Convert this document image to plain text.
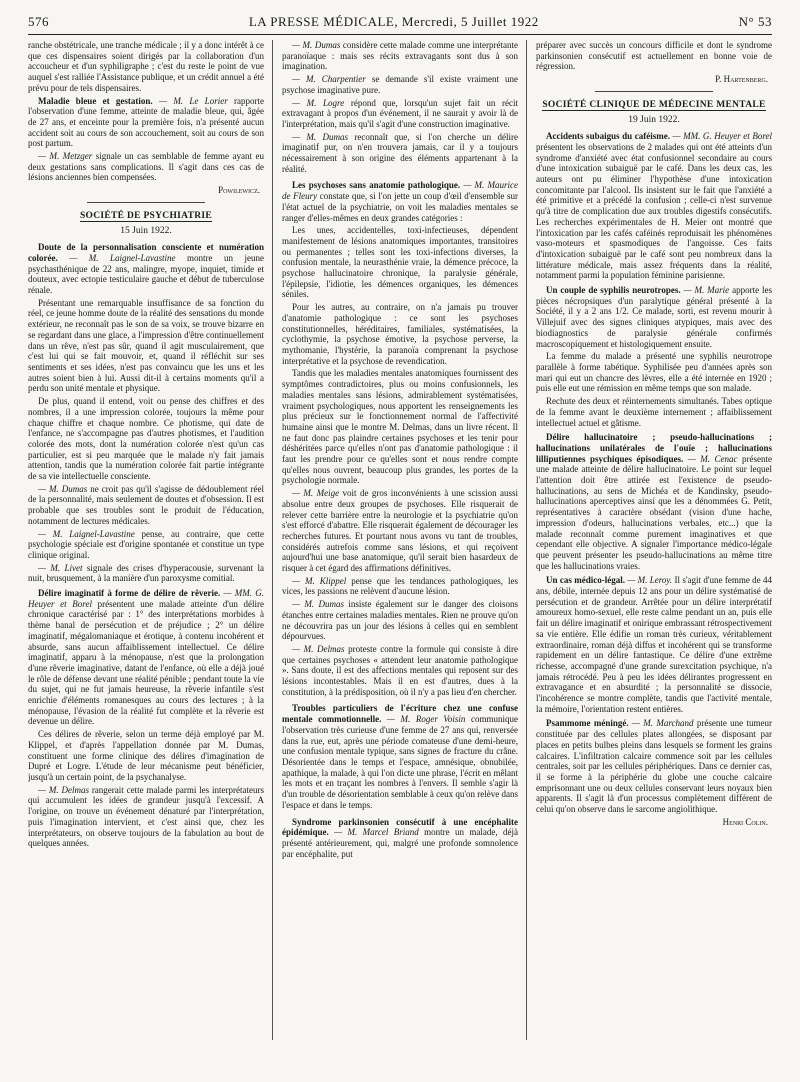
576	LA PRESSE MÉDICALE, Mercredi, 5 Juillet 1922	N° 53

ranche obstétricale, une tranche médicale ; il y a donc intérêt à ce que ces dispensaires soient dirigés par la collaboration d'un accoucheur et d'un syphiligraphe ; c'est du reste le point de vue auquel s'est ralliée l'Assistance publique, et un crédit annuel a été prévu pour de tels dispensaires.

Maladie bleue et gestation. — M. Le Lorier rapporte l'observation d'une femme, atteinte de maladie bleue, qui, âgée de 27 ans, et enceinte pour la première fois, n'a présenté aucun accident soit au cours de son accouchement, soit au cours de son post partum.

— M. Metzger signale un cas semblable de femme ayant eu deux gestations sans complications. Il s'agit dans ces cas de lésions anciennes bien compensées.

Powilewicz.

SOCIÉTÉ DE PSYCHIATRIE
15 Juin 1922.

Doute de la personnalisation consciente et numération colorée. — M. Laignel-Lavastine montre un jeune psychasthénique de 22 ans, malingre, myope, inquiet, timide et douteux, avec ectopie testiculaire gauche et début de tuberculose rénale.

Présentant une remarquable insuffisance de sa fonction du réel, ce jeune homme doute de la réalité des sensations du monde extérieur, ne reconnaît pas le son de sa voix, se trouve bizarre en se regardant dans une glace, a l'impression d'être continuellement dans un rêve, n'est pas sûr, quand il agit musculairement, que c'est lui qui se fait mouvoir, et, quand il réfléchit sur ses sentiments et ses idées, n'est pas convaincu que les uns et les autres soient bien à lui. Aussi dit-il à certains moments qu'il a perdu son unité mentale et physique.

De plus, quand il entend, voit ou pense des chiffres et des nombres, il a une impression colorée, toujours la même pour chaque chiffre et chaque nombre. Ce photisme, qui date de l'enfance, ne s'accompagne pas d'autres photismes, et l'audition colorée des mots, dont la numération colorée n'est qu'un cas particulier, est si peu marquée que le malade n'y fait jamais attention, tandis que la numération colorée fait partie intégrante de sa vie intellectuelle consciente.

— M. Dumas ne croit pas qu'il s'agisse de dédoublement réel de la personnalité, mais seulement de doutes et d'obsession. Il est probable que ses troubles sont le produit de l'éducation, notamment de lectures médicales.

— M. Laignel-Lavastine pense, au contraire, que cette psychologie spéciale est d'origine spontanée et constitue un type clinique original.

— M. Livet signale des crises d'hyperacousie, survenant la nuit, brusquement, à la manière d'un paroxysme comitial.

Délire imaginatif à forme de délire de rêverie. — MM. G. Heuyer et Borel présentent une malade atteinte d'un délire chronique caractérisé par : 1° des interprétations morbides à thème banal de persécution et de préjudice ; 2° un délire imaginatif, mégalomaniaque et érotique, à contenu incohérent et absurde, sans aucun affaiblissement intellectuel. Ce délire imaginatif, apparu à la ménopause, n'est que la prolongation d'une rêverie imaginative, datant de l'enfance, où elle a déjà joué le rôle de défense devant une réalité pénible ; pendant toute la vie du sujet, qui ne fut jamais heureuse, la rêverie infantile s'est enrichie d'éléments romanesques au cours des lectures ; à la ménopause, l'évasion de la réalité fut complète et la rêverie est devenue un délire.

Ces délires de rêverie, selon un terme déjà employé par M. Klippel, et d'après l'appellation donnée par M. Dumas, constituent une forme clinique des délires d'imagination de Dupré et Logre. L'étude de leur mécanisme peut bénéficier, jusqu'à un certain point, de la psychanalyse.

— M. Delmas rangerait cette malade parmi les interprétateurs qui accumulent les idées de grandeur jusqu'à l'excessif. A l'origine, on trouve un événement dénaturé par l'interprétation, puis l'imagination intervient, et c'est ainsi que, chez les interprétateurs, on observe toujours de la fabulation au bout de quelques années.

— M. Dumas considère cette malade comme une interprétante paranoïaque : mais ses récits extravagants sont dus à son imagination.

— M. Charpentier se demande s'il existe vraiment une psychose imaginative pure.

— M. Logre répond que, lorsqu'un sujet fait un récit extravagant à propos d'un événement, il ne saurait y avoir là de l'interprétation, mais qu'il s'agit d'une construction imaginative.

— M. Dumas reconnaît que, si l'on cherche un délire imaginatif pur, on n'en trouvera jamais, car il y a toujours nécessairement à son origine des éléments appartenant à la réalité.

Les psychoses sans anatomie pathologique. — M. Maurice de Fleury constate que, si l'on jette un coup d'œil d'ensemble sur l'état actuel de la psychiatrie, on voit les maladies mentales se ranger d'elles-mêmes en deux grandes catégories :

Les unes, accidentelles, toxi-infectieuses, dépendent manifestement de lésions anatomiques importantes, transitoires ou permanentes ; telles sont les toxi-infections diverses, la confusion mentale, la neurasthénie vraie, la démence précoce, la psychose hallucinatoire chronique, la paralysie générale, l'épilepsie, l'idiotie, les démences organiques, les démences séniles.

Pour les autres, au contraire, on n'a jamais pu trouver d'anatomie pathologique : ce sont les psychoses constitutionnelles, héréditaires, familiales, systématisées, la cyclothymie, la psychose émotive, la psychose perverse, la mythomanie, l'hystérie, la paranoïa comprenant la psychose interprétative et la psychose de revendication.

Tandis que les maladies mentales anatomiques fournissent des symptômes contradictoires, plus ou moins confusionnels, les maladies mentales sans lésions, admirablement systématisées, vraiment psychologiques, nous apportent les renseignements les plus précieux sur le fonctionnement normal de l'affectivité humaine ainsi que le montre M. Delmas, dans un livre récent. Il ne faut donc pas plaindre certaines psychoses et les tenir pour déshéritées parce qu'elles n'ont pas d'anatomie pathologique : il faut les prendre pour ce qu'elles sont et nous rendre compte qu'elles nous ouvrent, beaucoup plus grandes, les portes de la psychologie normale.

— M. Meige voit de gros inconvénients à une scission aussi absolue entre deux groupes de psychoses. Elle risquerait de relever cette barrière entre la neurologie et la psychiatrie qu'on s'est efforcé d'abattre. Elle risquerait également de décourager les recherches futures. Et pourtant nous avons vu tant de troubles, considérés autrefois comme sans lésions, et qui reçoivent aujourd'hui une base anatomique, qu'il serait bien hasardeux de risquer à cet égard des affirmations définitives.

— M. Klippel pense que les tendances pathologiques, les vices, les passions ne relèvent d'aucune lésion.

— M. Dumas insiste également sur le danger des cloisons étanches entre certaines maladies mentales. Rien ne prouve qu'on ne découvrira pas un jour des lésions à celles qui en semblent dépourvues.

— M. Delmas proteste contre la formule qui consiste à dire que certaines psychoses « attendent leur anatomie pathologique ». Sans doute, il est des affections mentales qui reposent sur des lésions incontestables. Mais il en est d'autres, dues à la constitution, à la prédisposition, où il n'y a pas lieu d'en chercher.

Troubles particuliers de l'écriture chez une confuse mentale commotionnelle. — M. Roger Voisin communique l'observation très curieuse d'une femme de 27 ans qui, renversée dans la rue, eut, après une période comateuse d'une demi-heure, une confusion mentale typique, sans signes de fracture du crâne. Désorientée dans le temps et l'espace, amnésique, obnubilée, apathique, la malade, à qui l'on dicte une phrase, l'écrit en mêlant les mots et en traçant les nombres à l'envers. Il semble s'agir là d'un trouble de désorientation semblable à ceux qu'on relève dans l'espace et dans le temps.

Syndrome parkinsonien consécutif à une encéphalite épidémique. — M. Marcel Briand montre un malade, déjà présenté antérieurement, qui, malgré une profonde somnolence par encéphalite, put

préparer avec succès un concours difficile et dont le syndrome parkinsonien consécutif est actuellement en bonne voie de régression.

P. Hartenberg.

SOCIÉTÉ CLINIQUE DE MÉDECINE MENTALE
19 Juin 1922.

Accidents subaigus du caféisme. — MM. G. Heuyer et Borel présentent les observations de 2 malades qui ont été atteints d'un syndrome d'anxiété avec état confusionnel secondaire au cours d'une intoxication subaiguë par le café. Dans les deux cas, les auteurs ont pu éliminer l'hypothèse d'une intoxication concomitante par l'alcool. Ils insistent sur le fait que l'anxiété a été primitive et a précédé la confusion ; celle-ci n'est survenue qu'à titre de complication due aux troubles digestifs consécutifs. Les recherches expérimentales de H. Meier ont montré que l'intoxication par les cafés caféinés reproduisait les phénomènes vaso-moteurs et spasmodiques de l'angoisse. Ces faits d'intoxication subaiguë par le café sont peu nombreux dans la littérature médicale, mais assez fréquents dans la réalité, notamment parmi la population féminine parisienne.

Un couple de syphilis neurotropes. — M. Marie apporte les pièces nécropsiques d'un paralytique général présenté à la Société, il y a 2 ans 1/2. Ce malade, sorti, est revenu mourir à Villejuif avec des signes cliniques atypiques, mais avec des biodiagnostics de paralysie générale confirmés macroscopiquement et histologiquement ensuite.

La femme du malade a présenté une syphilis neurotrope parallèle à forme tabétique. Syphilisée peu d'années après son mari qui eut un chancre des lèvres, elle a été internée en 1920 ; puis elle eut une rémission en même temps que son malade.

Rechute des deux et réinternements simultanés. Tabes optique de la femme avant le deuxième internement ; affaiblissement intellectuel actuel et gâtisme.

Délire hallucinatoire ; pseudo-hallucinations ; hallucinations unilatérales de l'ouïe ; hallucinations lilliputiennes psychiques épisodiques. — M. Cenac présente une malade atteinte de délire hallucinatoire. Le point sur lequel l'attention doit être attirée est l'existence de pseudo-hallucinations, au sens de Michéa et de Kandinsky, pseudo-hallucinations aperceptives ainsi que les a dénommées G. Petit, représentatives à caractère obsédant (vision d'une hache, impression d'odeurs, hallucinations verbales, etc...) que la malade reconnaît comme purement imaginatives et que cependant elle objective. A signaler l'importance médico-légale que peuvent présenter les pseudo-hallucinations au même titre que les hallucinations vraies.

Un cas médico-légal. — M. Leroy. Il s'agit d'une femme de 44 ans, débile, internée depuis 12 ans pour un délire systématisé de persécution et de grandeur. Arrêtée pour un délire interprétatif amoureux homo-sexuel, elle reste calme pendant un an, puis elle fait un délire imaginatif et onirique embrassant rétrospectivement sa vie entière. Elle édifie un roman très curieux, véritablement extraordinaire, roman déjà diffus et incohérent qui se transforme rapidement en un délire fantastique. Ce délire d'une extrême richesse, accompagné d'une grande surexcitation psychique, n'a jamais rétrocédé. Peu à peu les idées délirantes progressent en extravagance et en absurdité ; la personnalité se dissocie, l'incohérence se montre complète, tandis que l'activité mentale, la mémoire, l'orientation restent entières.

Psammome méningé. — M. Marchand présente une tumeur constituée par des cellules plates allongées, se disposant par places en petits bulbes pleins dans lesquels se forment les grains calcaires. L'infiltration calcaire commence soit par les cellules centrales, soit par les cellules périphériques. Dans ce dernier cas, il se forme à la périphérie du globe une couche calcaire emprisonnant une ou deux cellules conservant leurs noyaux bien apparents. Il s'agit là d'un processus complètement différent de celui qu'on observe dans le sarcome angiolithique.

Henri Colin.
